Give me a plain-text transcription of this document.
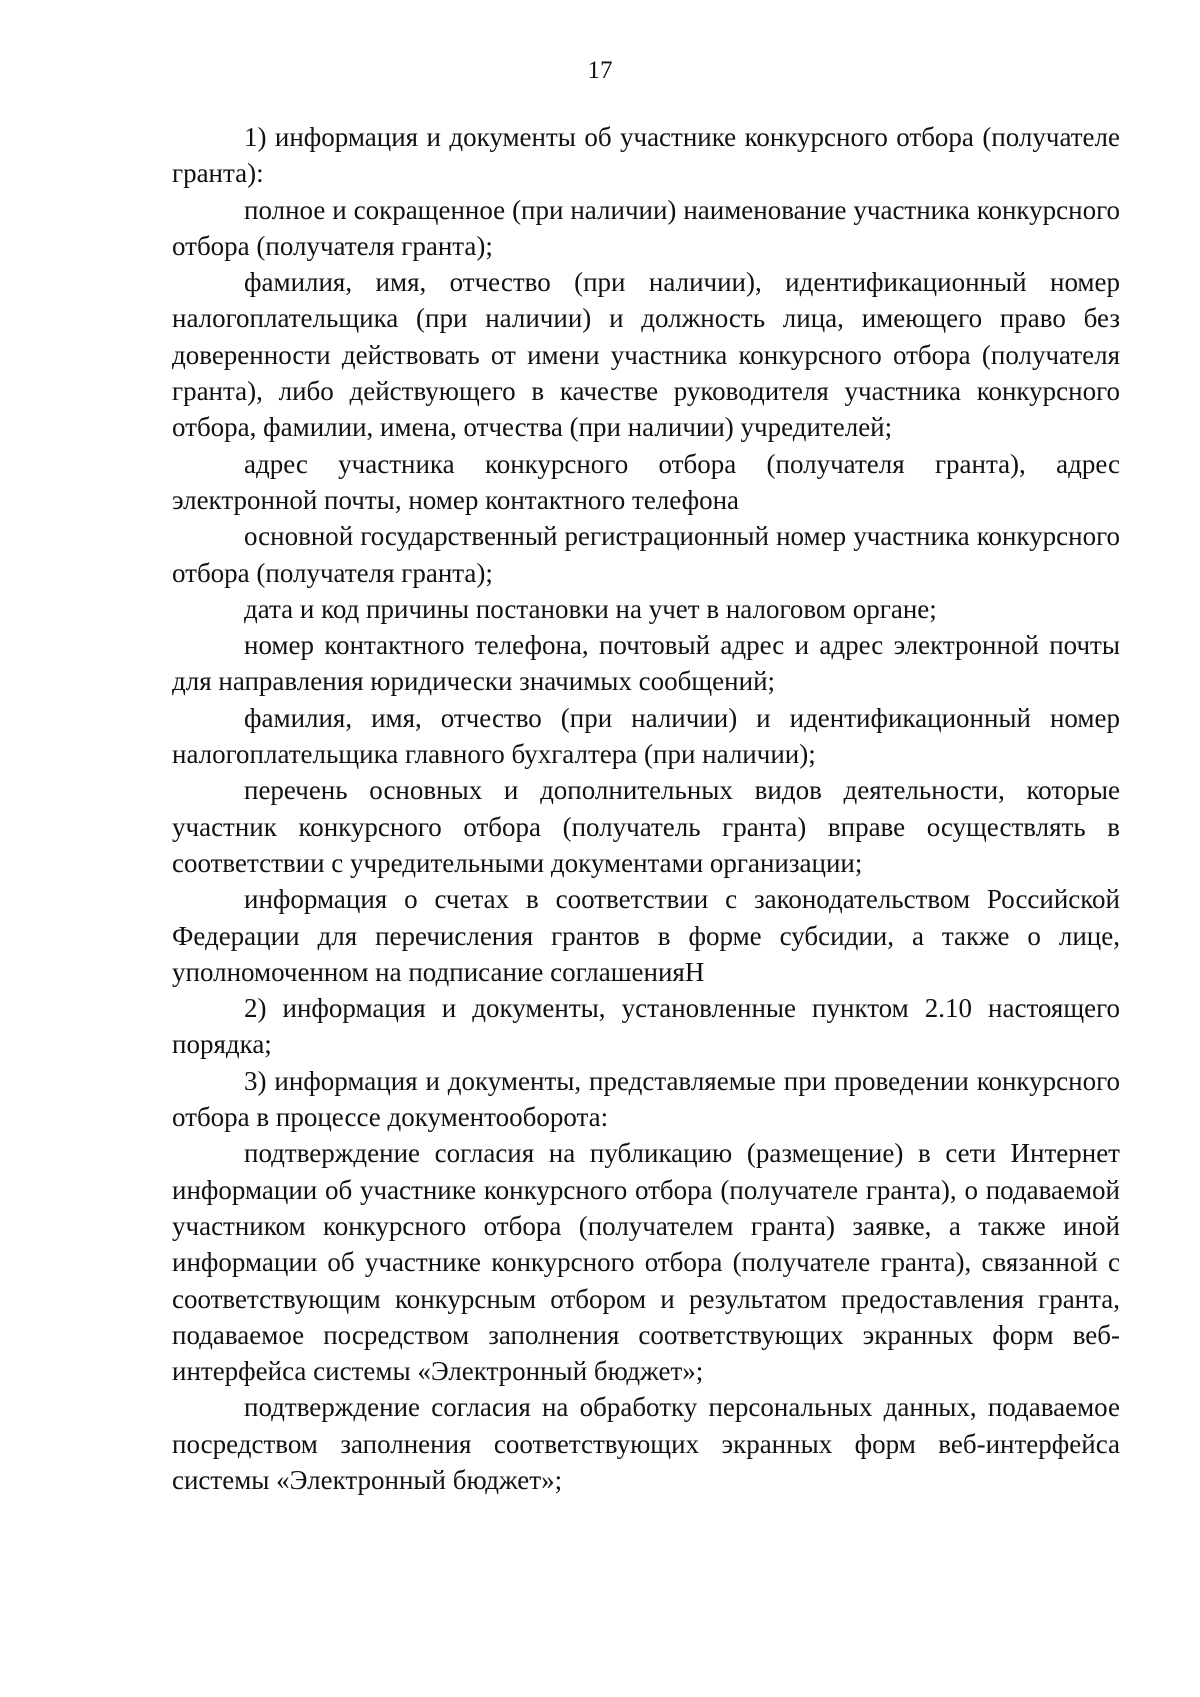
17

1) информация и документы об участнике конкурсного отбора (получателе гранта):

полное и сокращенное (при наличии) наименование участника конкурсного отбора (получателя гранта);

фамилия, имя, отчество (при наличии), идентификационный номер налогоплательщика (при наличии) и должность лица, имеющего право без доверенности действовать от имени участника конкурсного отбора (получателя гранта), либо действующего в качестве руководителя участника конкурсного отбора, фамилии, имена, отчества (при наличии) учредителей;

адрес участника конкурсного отбора (получателя гранта), адрес электронной почты, номер контактного телефона

основной государственный регистрационный номер участника конкурсного отбора (получателя гранта);

дата и код причины постановки на учет в налоговом органе;

номер контактного телефона, почтовый адрес и адрес электронной почты для направления юридически значимых сообщений;

фамилия, имя, отчество (при наличии) и идентификационный номер налогоплательщика главного бухгалтера (при наличии);

перечень основных и дополнительных видов деятельности, которые участник конкурсного отбора (получатель гранта) вправе осуществлять в соответствии с учредительными документами организации;

информация о счетах в соответствии с законодательством Российской Федерации для перечисления грантов в форме субсидии, а также о лице, уполномоченном на подписание соглашенияН

2) информация и документы, установленные пунктом 2.10 настоящего порядка;

3) информация и документы, представляемые при проведении конкурсного отбора в процессе документооборота:

подтверждение согласия на публикацию (размещение) в сети Интернет информации об участнике конкурсного отбора (получателе гранта), о подаваемой участником конкурсного отбора (получателем гранта) заявке, а также иной информации об участнике конкурсного отбора (получателе гранта), связанной с соответствующим конкурсным отбором и результатом предоставления гранта, подаваемое посредством заполнения соответствующих экранных форм веб-интерфейса системы «Электронный бюджет»;

подтверждение согласия на обработку персональных данных, подаваемое посредством заполнения соответствующих экранных форм веб-интерфейса системы «Электронный бюджет»;
